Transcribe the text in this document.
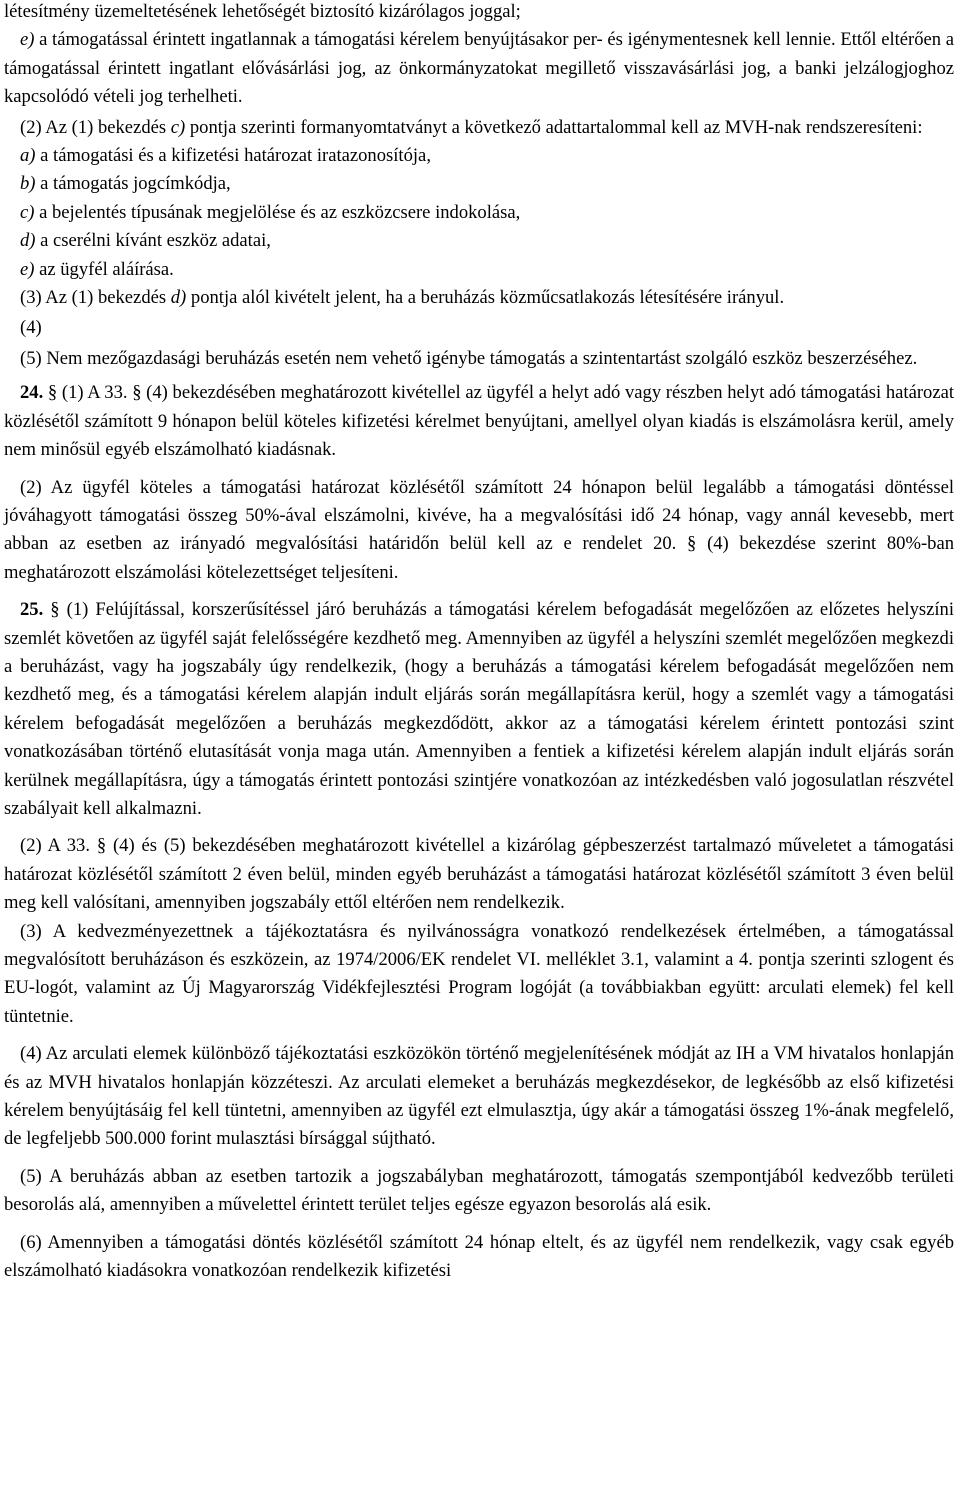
létesítmény üzemeltetésének lehetőségét biztosító kizárólagos joggal;

e) a támogatással érintett ingatlannak a támogatási kérelem benyújtásakor per- és igénymentesnek kell lennie. Ettől eltérően a támogatással érintett ingatlant elővásárlási jog, az önkormányzatokat megillető visszavásárlási jog, a banki jelzálogjoghoz kapcsolódó vételi jog terhelheti.

(2) Az (1) bekezdés c) pontja szerinti formanyomtatványt a következő adattartalommal kell az MVH-nak rendszeresíteni:

a) a támogatási és a kifizetési határozat iratazonosítója,
b) a támogatás jogcímkódja,
c) a bejelentés típusának megjelölése és az eszközcsere indokolása,
d) a cserélni kívánt eszköz adatai,
e) az ügyfél aláírása.

(3) Az (1) bekezdés d) pontja alól kivételt jelent, ha a beruházás közműcsatlakozás létesítésére irányul.

(4)

(5) Nem mezőgazdasági beruházás esetén nem vehető igénybe támogatás a szintentartást szolgáló eszköz beszerzéséhez.

24. § (1) A 33. § (4) bekezdésében meghatározott kivétellel az ügyfél a helyt adó vagy részben helyt adó támogatási határozat közlésétől számított 9 hónapon belül köteles kifizetési kérelmet benyújtani, amellyel olyan kiadás is elszámolásra kerül, amely nem minősül egyéb elszámolható kiadásnak.

(2) Az ügyfél köteles a támogatási határozat közlésétől számított 24 hónapon belül legalább a támogatási döntéssel jóváhagyott támogatási összeg 50%-ával elszámolni, kivéve, ha a megvalósítási idő 24 hónap, vagy annál kevesebb, mert abban az esetben az irányadó megvalósítási határidőn belül kell az e rendelet 20. § (4) bekezdése szerint 80%-ban meghatározott elszámolási kötelezettséget teljesíteni.

25. § (1) Felújítással, korszerűsítéssel járó beruházás a támogatási kérelem befogadását megelőzően az előzetes helyszíni szemlét követően az ügyfél saját felelősségére kezdhető meg. Amennyiben az ügyfél a helyszíni szemlét megelőzően megkezdi a beruházást, vagy ha jogszabály úgy rendelkezik, (hogy a beruházás a támogatási kérelem befogadását megelőzően nem kezdhető meg, és a támogatási kérelem alapján indult eljárás során megállapításra kerül, hogy a szemlét vagy a támogatási kérelem befogadását megelőzően a beruházás megkezdődött, akkor az a támogatási kérelem érintett pontozási szint vonatkozásában történő elutasítását vonja maga után. Amennyiben a fentiek a kifizetési kérelem alapján indult eljárás során kerülnek megállapításra, úgy a támogatás érintett pontozási szintjére vonatkozóan az intézkedésben való jogosulatlan részvétel szabályait kell alkalmazni.

(2) A 33. § (4) és (5) bekezdésében meghatározott kivétellel a kizárólag gépbeszerzést tartalmazó műveletet a támogatási határozat közlésétől számított 2 éven belül, minden egyéb beruházást a támogatási határozat közlésétől számított 3 éven belül meg kell valósítani, amennyiben jogszabály ettől eltérően nem rendelkezik.

(3) A kedvezményezettnek a tájékoztatásra és nyilvánosságra vonatkozó rendelkezések értelmében, a támogatással megvalósított beruházáson és eszközein, az 1974/2006/EK rendelet VI. melléklet 3.1, valamint a 4. pontja szerinti szlogent és EU-logót, valamint az Új Magyarország Vidékfejlesztési Program logóját (a továbbiakban együtt: arculati elemek) fel kell tüntetnie.

(4) Az arculati elemek különböző tájékoztatási eszközökön történő megjelenítésének módját az IH a VM hivatalos honlapján és az MVH hivatalos honlapján közzéteszi. Az arculati elemeket a beruházás megkezdésekor, de legkésőbb az első kifizetési kérelem benyújtásáig fel kell tüntetni, amennyiben az ügyfél ezt elmulasztja, úgy akár a támogatási összeg 1%-ának megfelelő, de legfeljebb 500.000 forint mulasztási bírsággal sújtható.

(5) A beruházás abban az esetben tartozik a jogszabályban meghatározott, támogatás szempontjából kedvezőbb területi besorolás alá, amennyiben a művelettel érintett terület teljes egésze egyazon besorolás alá esik.

(6) Amennyiben a támogatási döntés közlésétől számított 24 hónap eltelt, és az ügyfél nem rendelkezik, vagy csak egyéb elszámolható kiadásokra vonatkozóan rendelkezik kifizetési
